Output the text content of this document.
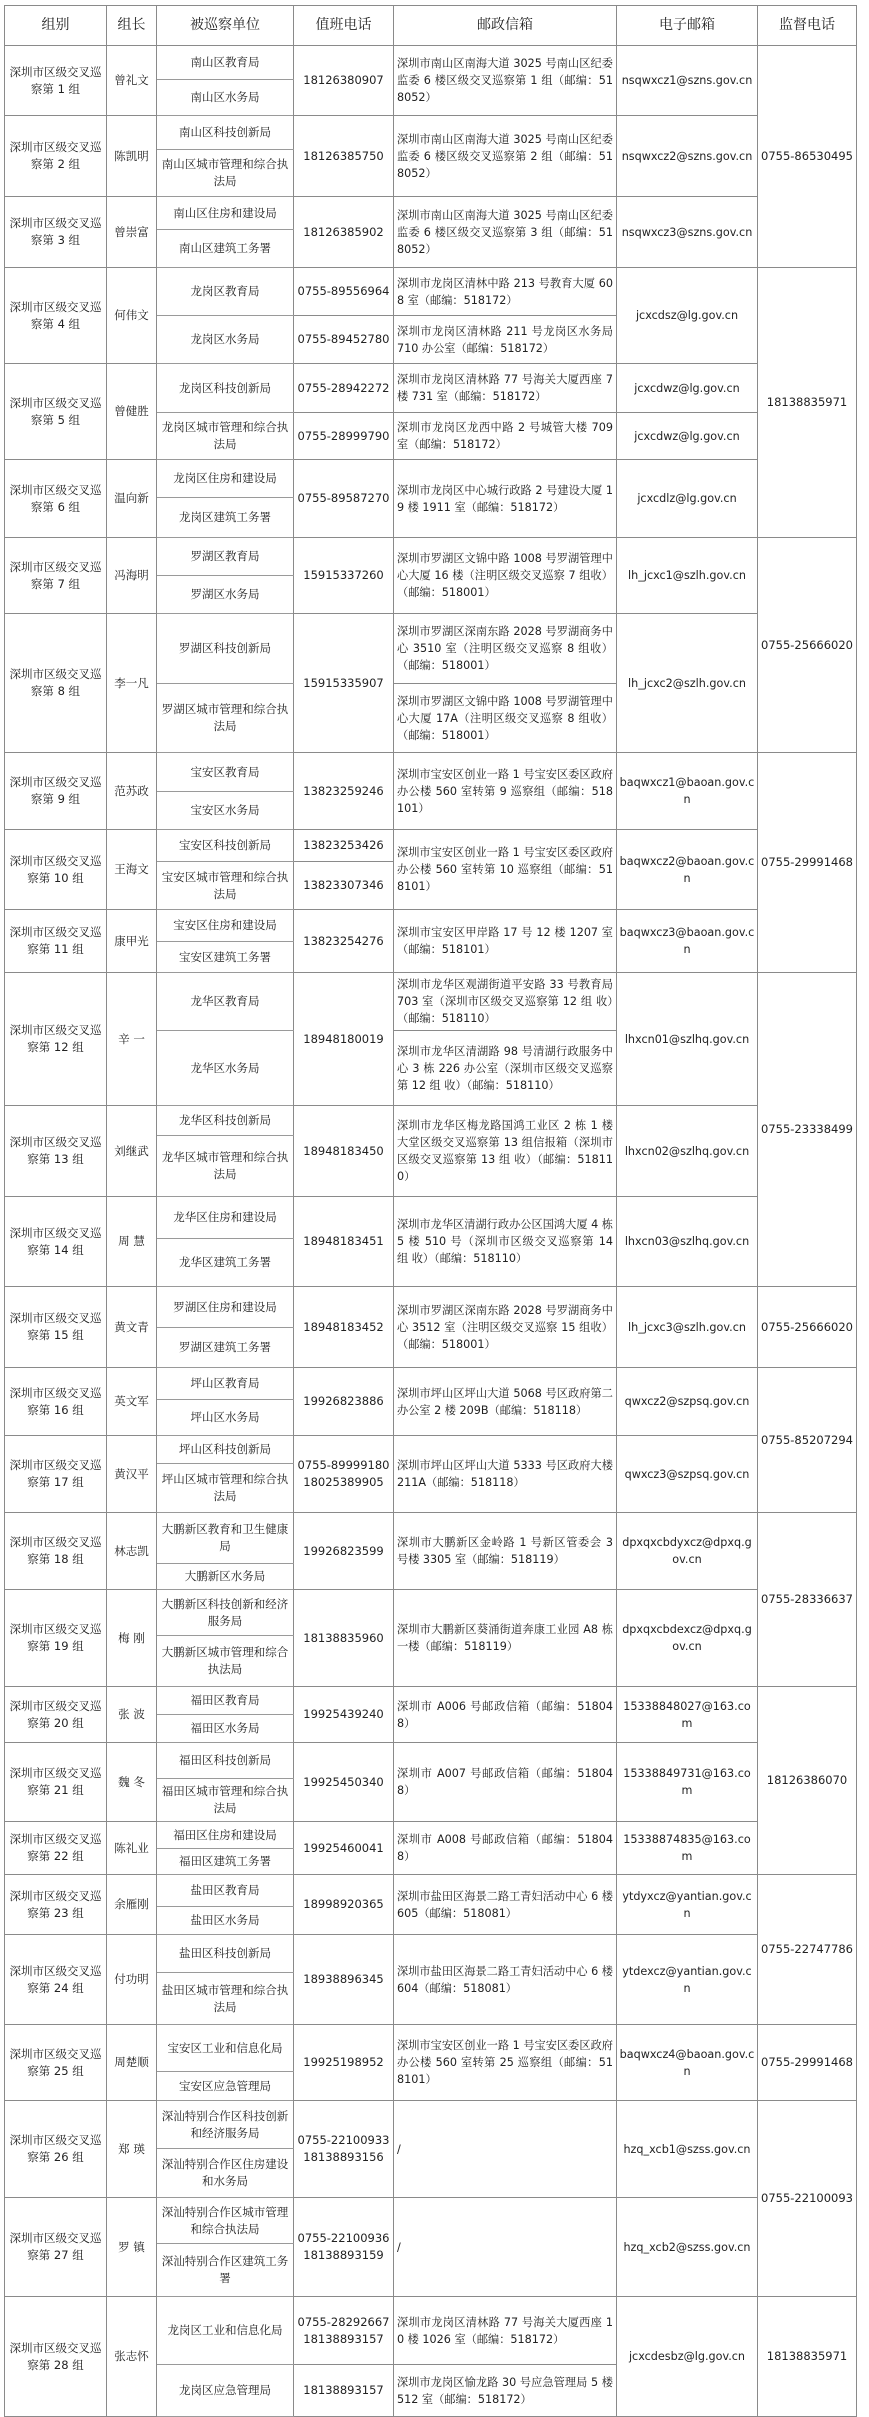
组别	组长	被巡察单位	值班电话	邮政信箱	电子邮箱	监督电话
深圳市区级交叉巡察第 1 组	曾礼文	南山区教育局	18126380907	深圳市南山区南海大道 3025 号南山区纪委监委 6 楼区级交叉巡察第 1 组（邮编：518052）	nsqwxcz1@szns.gov.cn	0755-86530495
		南山区水务局				
深圳市区级交叉巡察第 2 组	陈凯明	南山区科技创新局	18126385750	深圳市南山区南海大道 3025 号南山区纪委监委 6 楼区级交叉巡察第 2 组（邮编：518052）	nsqwxcz2@szns.gov.cn	
		南山区城市管理和综合执法局				
深圳市区级交叉巡察第 3 组	曾崇富	南山区住房和建设局	18126385902	深圳市南山区南海大道 3025 号南山区纪委监委 6 楼区级交叉巡察第 3 组（邮编：518052）	nsqwxcz3@szns.gov.cn	
		南山区建筑工务署				
深圳市区级交叉巡察第 4 组	何伟文	龙岗区教育局	0755-89556964	深圳市龙岗区清林中路 213 号教育大厦 608 室（邮编：518172）	jcxcdsz@lg.gov.cn	18138835971
		龙岗区水务局	0755-89452780	深圳市龙岗区清林路 211 号龙岗区水务局 710 办公室（邮编：518172）		
深圳市区级交叉巡察第 5 组	曾健胜	龙岗区科技创新局	0755-28942272	深圳市龙岗区清林路 77 号海关大厦西座 7 楼 731 室（邮编：518172）	jcxcdwz@lg.gov.cn	
		龙岗区城市管理和综合执法局	0755-28999790	深圳市龙岗区龙西中路 2 号城管大楼 709 室（邮编：518172）	jcxcdwz@lg.gov.cn	
深圳市区级交叉巡察第 6 组	温向新	龙岗区住房和建设局	0755-89587270	深圳市龙岗区中心城行政路 2 号建设大厦 19 楼 1911 室（邮编：518172）	jcxcdlz@lg.gov.cn	
		龙岗区建筑工务署				
深圳市区级交叉巡察第 7 组	冯海明	罗湖区教育局	15915337260	深圳市罗湖区文锦中路 1008 号罗湖管理中心大厦 16 楼（注明区级交叉巡察 7 组收）（邮编：518001）	lh_jcxc1@szlh.gov.cn	0755-25666020
		罗湖区水务局				
深圳市区级交叉巡察第 8 组	李一凡	罗湖区科技创新局	15915335907	深圳市罗湖区深南东路 2028 号罗湖商务中心 3510 室（注明区级交叉巡察 8 组收）（邮编：518001）	lh_jcxc2@szlh.gov.cn	
		罗湖区城市管理和综合执法局		深圳市罗湖区文锦中路 1008 号罗湖管理中心大厦 17A（注明区级交叉巡察 8 组收）（邮编：518001）		
深圳市区级交叉巡察第 9 组	范苏政	宝安区教育局	13823259246	深圳市宝安区创业一路 1 号宝安区委区政府办公楼 560 室转第 9 巡察组（邮编：518101）	baqwxcz1@baoan.gov.cn	0755-29991468
		宝安区水务局				
深圳市区级交叉巡察第 10 组	王海文	宝安区科技创新局	13823253426	深圳市宝安区创业一路 1 号宝安区委区政府办公楼 560 室转第 10 巡察组（邮编：518101）	baqwxcz2@baoan.gov.cn	
		宝安区城市管理和综合执法局	13823307346			
深圳市区级交叉巡察第 11 组	康甲光	宝安区住房和建设局	13823254276	深圳市宝安区甲岸路 17 号 12 楼 1207 室（邮编：518101）	baqwxcz3@baoan.gov.cn	
		宝安区建筑工务署				
深圳市区级交叉巡察第 12 组	辛 一	龙华区教育局	18948180019	深圳市龙华区观湖街道平安路 33 号教育局 703 室（深圳市区级交叉巡察第 12 组 收）（邮编：518110）	lhxcn01@szlhq.gov.cn	0755-23338499
		龙华区水务局		深圳市龙华区清湖路 98 号清湖行政服务中心 3 栋 226 办公室（深圳市区级交叉巡察第 12 组 收）（邮编：518110）		
深圳市区级交叉巡察第 13 组	刘继武	龙华区科技创新局	18948183450	深圳市龙华区梅龙路国鸿工业区 2 栋 1 楼大堂区级交叉巡察第 13 组信报箱（深圳市区级交叉巡察第 13 组 收）（邮编：518110）	lhxcn02@szlhq.gov.cn	
		龙华区城市管理和综合执法局				
深圳市区级交叉巡察第 14 组	周 慧	龙华区住房和建设局	18948183451	深圳市龙华区清湖行政办公区国鸿大厦 4 栋 5 楼 510 号（深圳市区级交叉巡察第 14 组 收）（邮编：518110）	lhxcn03@szlhq.gov.cn	
		龙华区建筑工务署				
深圳市区级交叉巡察第 15 组	黄文青	罗湖区住房和建设局	18948183452	深圳市罗湖区深南东路 2028 号罗湖商务中心 3512 室（注明区级交叉巡察 15 组收）（邮编：518001）	lh_jcxc3@szlh.gov.cn	0755-25666020
		罗湖区建筑工务署				
深圳市区级交叉巡察第 16 组	英文军	坪山区教育局	19926823886	深圳市坪山区坪山大道 5068 号区政府第二办公室 2 楼 209B（邮编：518118）	qwxcz2@szpsq.gov.cn	0755-85207294
		坪山区水务局				
深圳市区级交叉巡察第 17 组	黄汉平	坪山区科技创新局	0755-89999180 18025389905	深圳市坪山区坪山大道 5333 号区政府大楼 211A（邮编：518118）	qwxcz3@szpsq.gov.cn	
		坪山区城市管理和综合执法局				
深圳市区级交叉巡察第 18 组	林志凯	大鹏新区教育和卫生健康局	19926823599	深圳市大鹏新区金岭路 1 号新区管委会 3 号楼 3305 室（邮编：518119）	dpxqxcbdyxcz@dpxq.gov.cn	0755-28336637
		大鹏新区水务局				
深圳市区级交叉巡察第 19 组	梅 刚	大鹏新区科技创新和经济服务局	18138835960	深圳市大鹏新区葵涌街道奔康工业园 A8 栋一楼（邮编：518119）	dpxqxcbdexcz@dpxq.gov.cn	
		大鹏新区城市管理和综合执法局				
深圳市区级交叉巡察第 20 组	张 波	福田区教育局	19925439240	深圳市 A006 号邮政信箱（邮编：518048）	15338848027@163.com	18126386070
		福田区水务局				
深圳市区级交叉巡察第 21 组	魏 冬	福田区科技创新局	19925450340	深圳市 A007 号邮政信箱（邮编：518048）	15338849731@163.com	
		福田区城市管理和综合执法局				
深圳市区级交叉巡察第 22 组	陈礼业	福田区住房和建设局	19925460041	深圳市 A008 号邮政信箱（邮编：518048）	15338874835@163.com	
		福田区建筑工务署				
深圳市区级交叉巡察第 23 组	余雁刚	盐田区教育局	18998920365	深圳市盐田区海景二路工青妇活动中心 6 楼 605（邮编：518081）	ytdyxcz@yantian.gov.cn	0755-22747786
		盐田区水务局				
深圳市区级交叉巡察第 24 组	付功明	盐田区科技创新局	18938896345	深圳市盐田区海景二路工青妇活动中心 6 楼 604（邮编：518081）	ytdexcz@yantian.gov.cn	
		盐田区城市管理和综合执法局				
深圳市区级交叉巡察第 25 组	周楚顺	宝安区工业和信息化局	19925198952	深圳市宝安区创业一路 1 号宝安区委区政府办公楼 560 室转第 25 巡察组（邮编：518101）	baqwxcz4@baoan.gov.cn	0755-29991468
		宝安区应急管理局				
深圳市区级交叉巡察第 26 组	郑 瑛	深汕特别合作区科技创新和经济服务局	0755-22100933 18138893156	/	hzq_xcb1@szss.gov.cn	0755-22100093
		深汕特别合作区住房建设和水务局				
深圳市区级交叉巡察第 27 组	罗 镇	深汕特别合作区城市管理和综合执法局	0755-22100936 18138893159	/	hzq_xcb2@szss.gov.cn	
		深汕特别合作区建筑工务署				
深圳市区级交叉巡察第 28 组	张志怀	龙岗区工业和信息化局	0755-28292667 18138893157	深圳市龙岗区清林路 77 号海关大厦西座 10 楼 1026 室（邮编：518172）	jcxcdesbz@lg.gov.cn	18138835971
		龙岗区应急管理局	18138893157	深圳市龙岗区愉龙路 30 号应急管理局 5 楼 512 室（邮编：518172）		
